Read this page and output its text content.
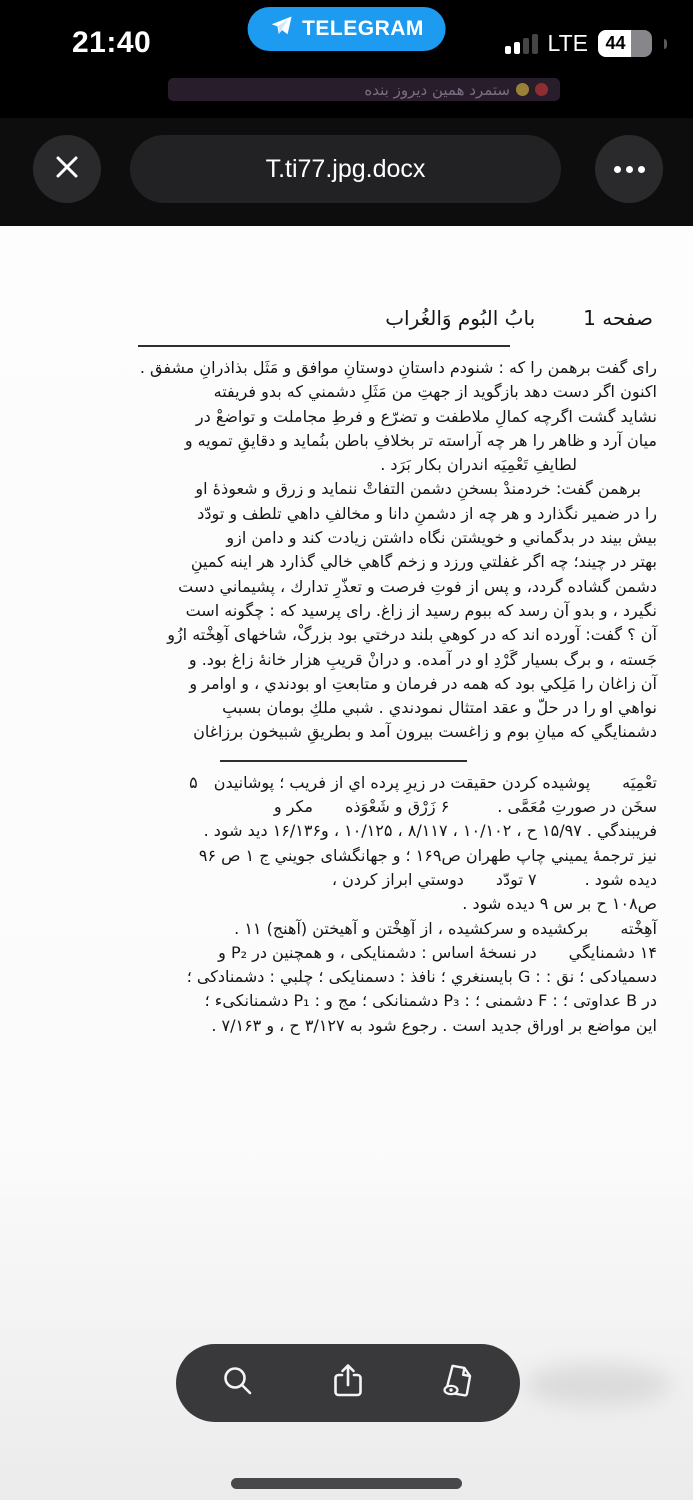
21:40	TELEGRAM
LTE 44
ستمرد همین دیروز بنده
T.ti77.jpg.docx
صفحه 1
بابُ البُوم وَالغُراب
رای گفت برهمن را که : شنودم داستانِ دوستانِ موافق و مَثَل بذاذرانِ مشفق .
اکنون اگر دست دهد بازگوید از جهتِ من مَثَلِ دشمني که بدو فریفته
نشاید گشت اگرچه کمالِ ملاطفت و تضرّع و فرطِ مجاملت و تواضعْ در
میان آرد و ظاهر را هر چه آراسته تر بخلافِ باطن بنُماید و دقایقِ تمویه و
     لطایفِ تَعْمِیَه اندران بکار بَرَد .
 برهمن گفت: خردمندْ بسخنِ دشمن التفاتْ ننماید و زرق و شعوذۀ او
را در ضمیر نگذارد و هر چه از دشمنِ دانا و مخالفِ داهي تلطف و تودّد
بیش بیند در بدگماني و خویشتن نگاه داشتن زیادت کند و دامن ازو
بهتر در چیند؛ چه اگر غفلتي ورزد و زخم گاهي خالي گذارد هر اینه کمینِ
دشمن گشاده گردد، و پس از فوتِ فرصت و تعذّرِ تدارك ، پشیماني دست
نگیرد ، و بدو آن رسد که ببوم رسید از زاغ. رای پرسید که : چگونه است
آن ؟ گفت: آورده اند که در کوهي بلند درختي بود بزرگْ، شاخهای آهِخْته ازُو
جَسته ، و برگ بسیار گَرْدِ او در آمده. و درانْ قریبِ هزار خانۀ زاغ بود. و
آن زاغان را مَلِکي بود که همه در فرمان و متابعتِ او بودندي ، و اوامر و
نواهي او را در حلّ و عقد امتثال نمودندي . شبي ملكِ بومان بسببِ
دشمنایگي که میانِ بوم و زاغست بیرون آمد و بطریقِ شبیخون برزاغان
تعْمِیَه  پوشیده کردن حقیقت در زیرِ پرده اي از فریب ؛ پوشانیدن ۵
سخَن در صورتِ مُعَمَّی .   ۶ زَرْق و شَعْوَذه  مکر و
فریبندگي . ۱۵/۹۷ ح ، ۱۰/۱۰۲ ، ۸/۱۱۷ ، ۱۰/۱۲۵ ، و۱۶/۱۳۶ دید شود .
نیز ترجمۀ یمیني چاپ طهران ص۱۶۹ ؛ و جهانگشای جویني ج ۱ ص ۹۶
دیده شود .   ۷ تودّد  دوستي ابراز کردن ،
ص۱۰۸ ح بر س ۹ دیده شود .
آهِخْته  برکشیده و سرکشیده ، از آهِخْتن و آهیختن (آهنج) ۱۱ .
۱۴ دشمنایگي  در نسخۀ اساس : دشمنایکی ، و همچنین در P₂ و
دسمیادکی ؛ نق : : G بایسنغري ؛ نافذ : دسمنایکی ؛ چلبي : دشمنادکی ؛
در B عداوتی ؛ : F دشمنی ؛ : P₃ دشمنانکی ؛ مج و : P₁ دشمنانکیء ؛
این مواضع بر اوراق جدید است . رجوع شود به ۳/۱۲۷ ح ، و ۷/۱۶۳ .
